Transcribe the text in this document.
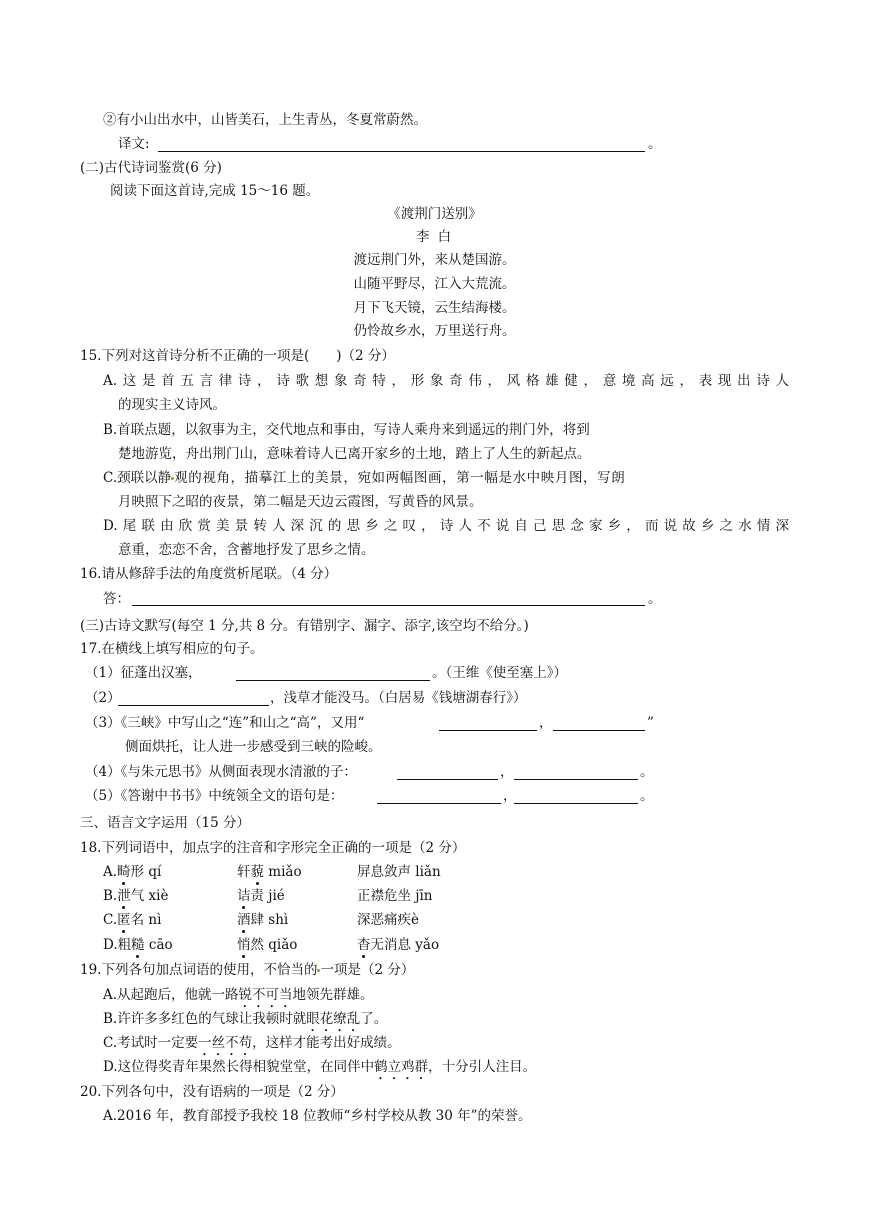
②有小山出水中，山皆美石，上生青丛，冬夏常蔚然。
译文:	。
(二)古代诗词鉴赏(6 分)
阅读下面这首诗,完成 15～16 题。
《渡荆门送别》
李 白
渡远荆门外，来从楚国游。
山随平野尽，江入大荒流。
月下飞天镜，云生结海楼。
仍怜故乡水，万里送行舟。
15.下列对这首诗分析不正确的一项是(　　)（2 分）
A.这是首五言律诗，诗歌想象奇特，形象奇伟，风格雄健，意境高远，表现出诗人
的现实主义诗风。
B.首联点题，以叙事为主，交代地点和事由，写诗人乘舟来到遥远的荆门外，将到
楚地游览，舟出荆门山，意味着诗人已离开家乡的土地，踏上了人生的新起点。
C.颈联以静 观的视角，描摹江上的美景，宛如两幅图画，第一幅是水中映月图，写朗
月映照下之昭的夜景，第二幅是天边云霞图，写黄昏的风景。
D.尾联由欣赏美景转人深沉的思乡之叹，诗人不说自己思念家乡，而说故乡之水情深
意重，恋恋不舍，含蓄地抒发了思乡之情。
16.请从修辞手法的角度赏析尾联。（4 分）
答：	。
(三)古诗文默写(每空 1 分,共 8 分。有错别字、漏字、添字,该空均不给分。)
17.在横线上填写相应的句子。
（1）征蓬出汉塞，	。（王维《使至塞上》）
（2）	，浅草才能没马。（白居易《钱塘湖春行》）
（3）《三峡》中写山之“连”和山之“高”，又用“	，	”
侧面烘托，让人进一步感受到三峡的险峻。
（4）《与朱元思书》从侧面表现水清澈的子：	，	。
（5）《答谢中书书》中统领全文的语句是：	，	。
三、语言文字运用（15 分）
18.下列词语中，加点字的注音和字形完全正确的一项是（2 分）
A.畸形 qí	轩藐 miǎo	屏息敛声 liǎn
B.泄气 xiè	诘责 jié	正襟危坐 jīn
C.匿名 nì	酒肆 shì	深恶痛疾è
D.粗糙 cāo	悄然 qiǎo	杳无消息 yǎo
19.下列各句加点词语的使用，不恰当的 一项是（2 分）
A.从起跑后，他就一路锐不可当地领先群雄。
B.许许多多红色的气球让我顿时就眼花缭乱了。
C.考试时一定要一丝不苟，这样才能考出好成绩。
D.这位得奖青年果然长得相貌堂堂，在同伴中鹤立鸡群，十分引人注目。
20.下列各句中，没有语病的一项是（2 分）
A.2016 年，教育部授予我校 18 位教师“乡村学校从教 30 年”的荣誉。
